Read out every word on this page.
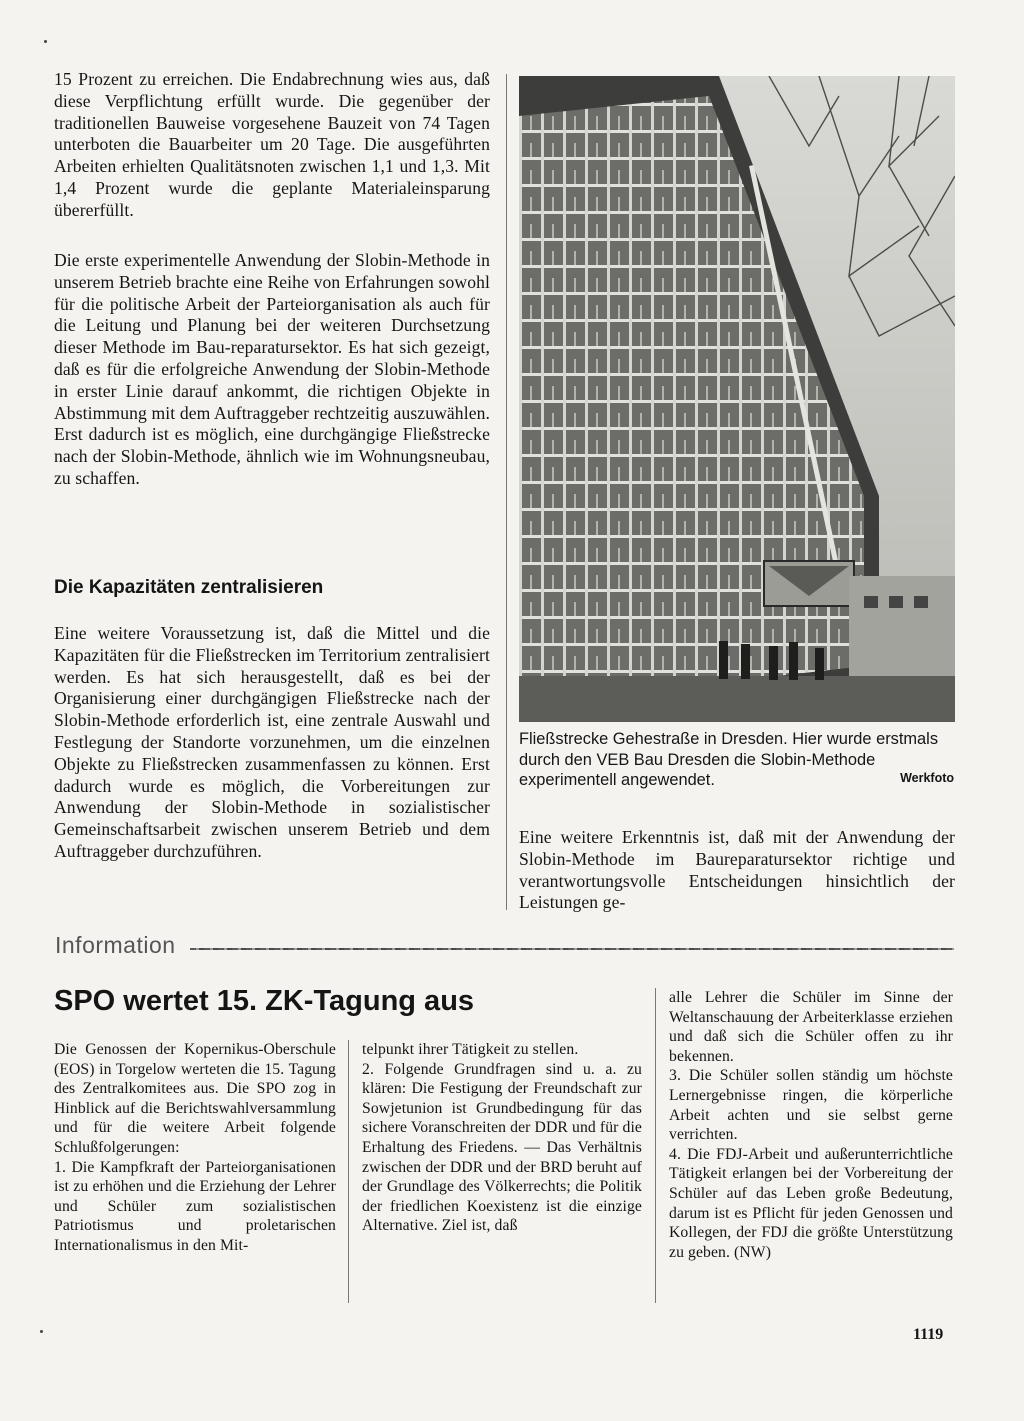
15 Prozent zu erreichen. Die Endabrechnung wies aus, daß diese Verpflichtung erfüllt wurde. Die gegenüber der traditionellen Bauweise vorgesehene Bauzeit von 74 Tagen unterboten die Bauarbeiter um 20 Tage. Die ausgeführten Arbeiten erhielten Qualitätsnoten zwischen 1,1 und 1,3. Mit 1,4 Prozent wurde die geplante Materialeinsparung übererfüllt.

Die erste experimentelle Anwendung der Slobin-Methode in unserem Betrieb brachte eine Reihe von Erfahrungen sowohl für die politische Arbeit der Parteiorganisation als auch für die Leitung und Planung bei der weiteren Durchsetzung dieser Methode im Bau-reparatursektor. Es hat sich gezeigt, daß es für die erfolgreiche Anwendung der Slobin-Methode in erster Linie darauf ankommt, die richtigen Objekte in Abstimmung mit dem Auftraggeber rechtzeitig auszuwählen. Erst dadurch ist es möglich, eine durchgängige Fließstrecke nach der Slobin-Methode, ähnlich wie im Wohnungsneubau, zu schaffen.

Die Kapazitäten zentralisieren

Eine weitere Voraussetzung ist, daß die Mittel und die Kapazitäten für die Fließstrecken im Territorium zentralisiert werden. Es hat sich herausgestellt, daß es bei der Organisierung einer durchgängigen Fließstrecke nach der Slobin-Methode erforderlich ist, eine zentrale Auswahl und Festlegung der Standorte vorzunehmen, um die einzelnen Objekte zu Fließstrecken zusammenfassen zu können. Erst dadurch wurde es möglich, die Vorbereitungen zur Anwendung der Slobin-Methode in sozialistischer Gemeinschaftsarbeit zwischen unserem Betrieb und dem Auftraggeber durchzuführen.

Fließstrecke Gehestraße in Dresden. Hier wurde erstmals durch den VEB Bau Dresden die Slobin-Methode experimentell angewendet.	Werkfoto

Eine weitere Erkenntnis ist, daß mit der Anwendung der Slobin-Methode im Baureparatursektor richtige und verantwortungsvolle Entscheidungen hinsichtlich der Leistungen ge-

Information

SPO wertet 15. ZK-Tagung aus

Die Genossen der Kopernikus-Oberschule (EOS) in Torgelow werteten die 15. Tagung des Zentralkomitees aus. Die SPO zog in Hinblick auf die Berichtswahlversammlung und für die weitere Arbeit folgende Schlußfolgerungen:
1. Die Kampfkraft der Parteiorganisationen ist zu erhöhen und die Erziehung der Lehrer und Schüler zum sozialistischen Patriotismus und proletarischen Internationalismus in den Mit-

telpunkt ihrer Tätigkeit zu stellen.
2. Folgende Grundfragen sind u. a. zu klären: Die Festigung der Freundschaft zur Sowjetunion ist Grundbedingung für das sichere Voranschreiten der DDR und für die Erhaltung des Friedens. — Das Verhältnis zwischen der DDR und der BRD beruht auf der Grundlage des Völkerrechts; die Politik der friedlichen Koexistenz ist die einzige Alternative. Ziel ist, daß

alle Lehrer die Schüler im Sinne der Weltanschauung der Arbeiterklasse erziehen und daß sich die Schüler offen zu ihr bekennen.
3. Die Schüler sollen ständig um höchste Lernergebnisse ringen, die körperliche Arbeit achten und sie selbst gerne verrichten.
4. Die FDJ-Arbeit und außerunterrichtliche Tätigkeit erlangen bei der Vorbereitung der Schüler auf das Leben große Bedeutung, darum ist es Pflicht für jeden Genossen und Kollegen, der FDJ die größte Unterstützung zu geben. (NW)

1119
